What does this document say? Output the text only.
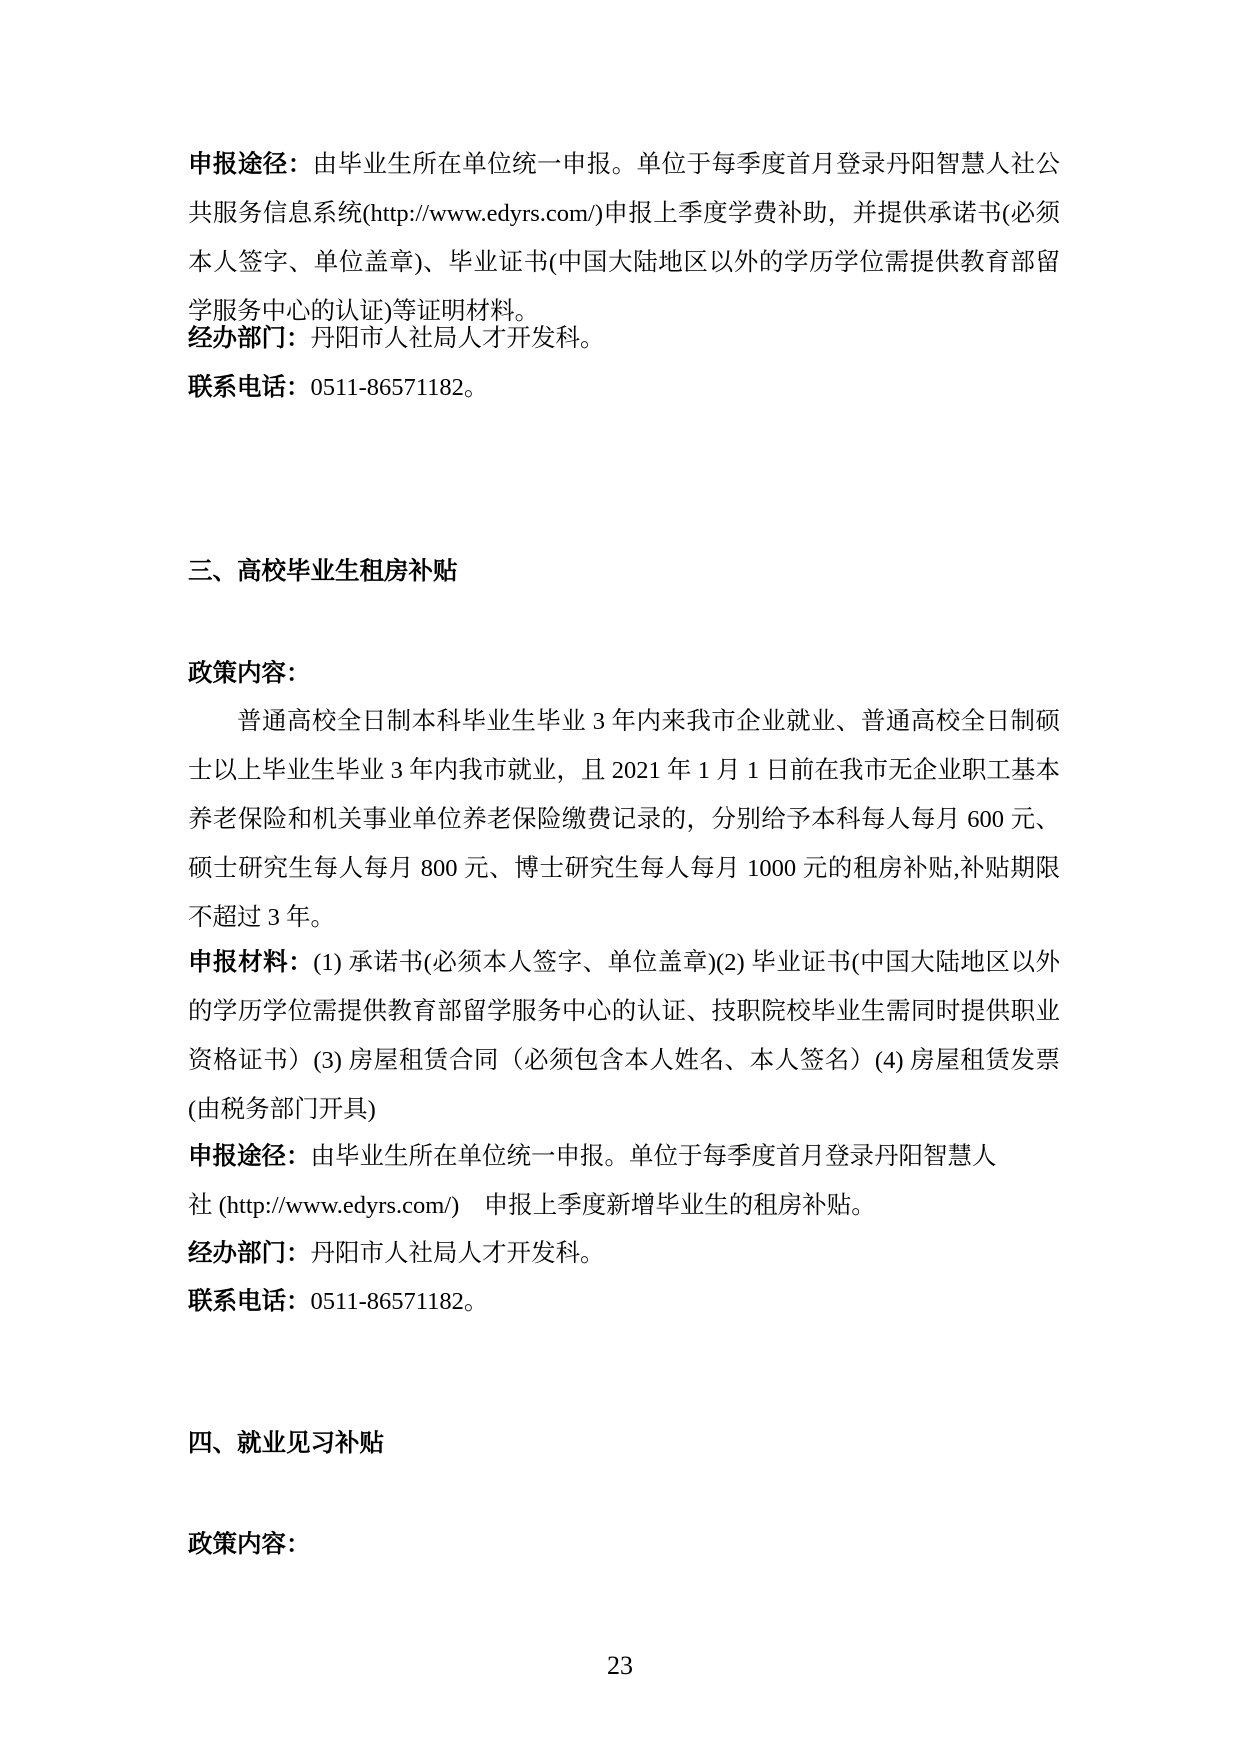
申报途径：由毕业生所在单位统一申报。单位于每季度首月登录丹阳智慧人社公共服务信息系统(http://www.edyrs.com/)申报上季度学费补助，并提供承诺书(必须本人签字、单位盖章)、毕业证书(中国大陆地区以外的学历学位需提供教育部留学服务中心的认证)等证明材料。

经办部门：丹阳市人社局人才开发科。

联系电话：0511-86571182。

三、高校毕业生租房补贴

政策内容：

普通高校全日制本科毕业生毕业 3 年内来我市企业就业、普通高校全日制硕士以上毕业生毕业 3 年内我市就业，且 2021 年 1 月 1 日前在我市无企业职工基本养老保险和机关事业单位养老保险缴费记录的，分别给予本科每人每月 600 元、硕士研究生每人每月 800 元、博士研究生每人每月 1000 元的租房补贴,补贴期限不超过 3 年。

申报材料：(1) 承诺书(必须本人签字、单位盖章)(2) 毕业证书(中国大陆地区以外的学历学位需提供教育部留学服务中心的认证、技职院校毕业生需同时提供职业资格证书）(3) 房屋租赁合同（必须包含本人姓名、本人签名）(4) 房屋租赁发票(由税务部门开具)

申报途径：由毕业生所在单位统一申报。单位于每季度首月登录丹阳智慧人
社 (http://www.edyrs.com/)　申报上季度新增毕业生的租房补贴。

经办部门：丹阳市人社局人才开发科。

联系电话：0511-86571182。

四、就业见习补贴

政策内容：

23
